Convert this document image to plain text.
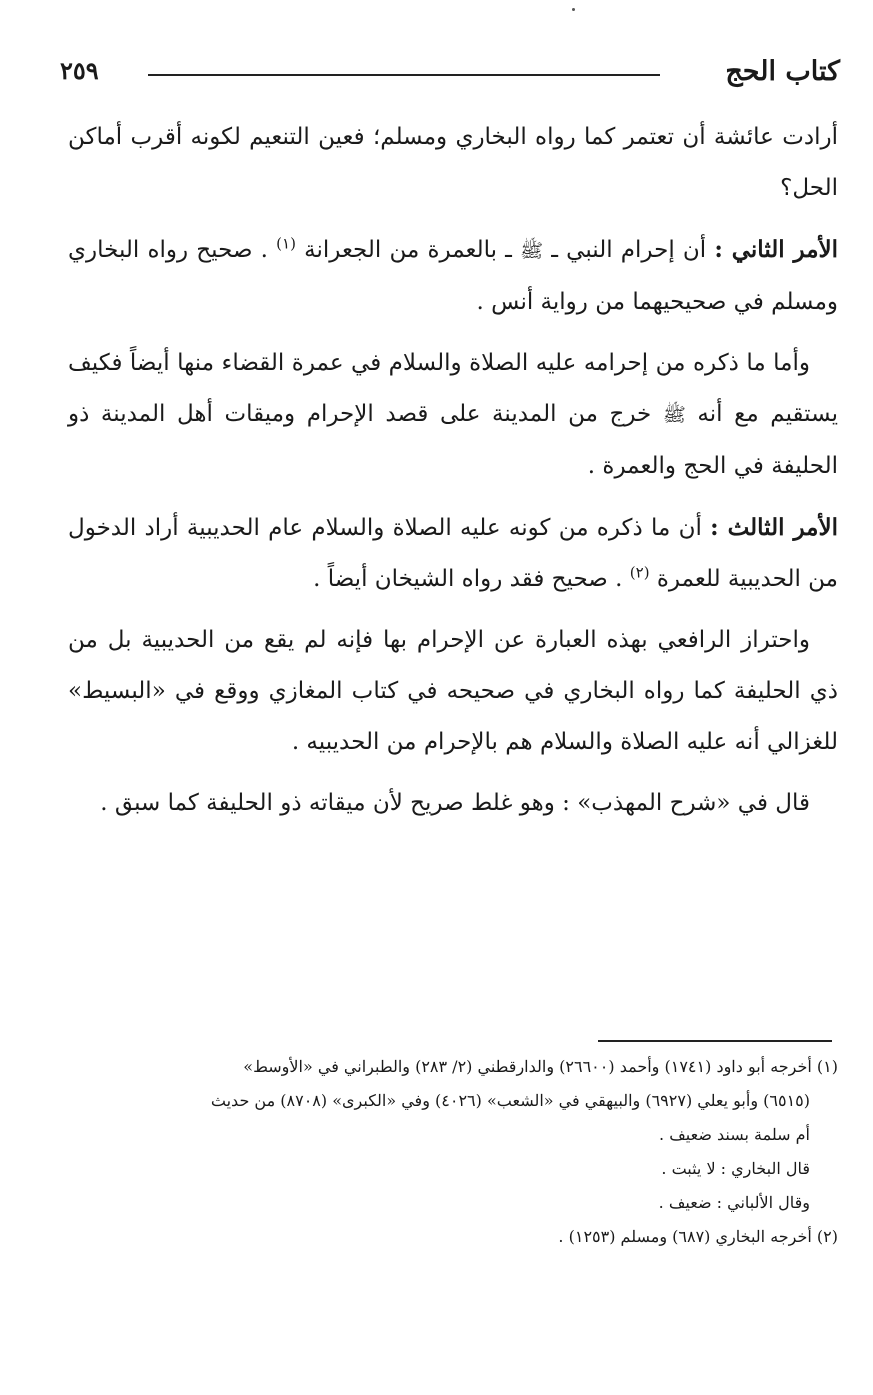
كتاب الحج
٢٥٩

أرادت عائشة أن تعتمر كما رواه البخاري ومسلم؛ فعين التنعيم لكونه أقرب أماكن الحل؟

الأمر الثاني : أن إحرام النبي ـ ﷺ ـ بالعمرة من الجعرانة $^{(١)}$ . صحيح رواه البخاري ومسلم في صحيحيهما من رواية أنس .

وأما ما ذكره من إحرامه عليه الصلاة والسلام في عمرة القضاء منها أيضاً فكيف يستقيم مع أنه ﷺ خرج من المدينة على قصد الإحرام وميقات أهل المدينة ذو الحليفة في الحج والعمرة .

الأمر الثالث : أن ما ذكره من كونه عليه الصلاة والسلام عام الحديبية أراد الدخول من الحديبية للعمرة $^{(٢)}$ . صحيح فقد رواه الشيخان أيضاً .

واحتراز الرافعي بهذه العبارة عن الإحرام بها فإنه لم يقع من الحديبية بل من ذي الحليفة كما رواه البخاري في صحيحه في كتاب المغازي ووقع في «البسيط» للغزالي أنه عليه الصلاة والسلام هم بالإحرام من الحديبيه .

قال في «شرح المهذب» : وهو غلط صريح لأن ميقاته ذو الحليفة كما سبق .

(١) أخرجه أبو داود (١٧٤١) وأحمد (٢٦٦٠٠) والدارقطني (٢/ ٢٨٣) والطبراني في «الأوسط»

(٦٥١٥) وأبو يعلي (٦٩٢٧) والبيهقي في «الشعب» (٤٠٢٦) وفي «الكبرى» (٨٧٠٨) من حديث

أم سلمة بسند ضعيف .

قال البخاري : لا يثبت .

وقال الألباني : ضعيف .

(٢) أخرجه البخاري (٦٨٧) ومسلم (١٢٥٣) .
